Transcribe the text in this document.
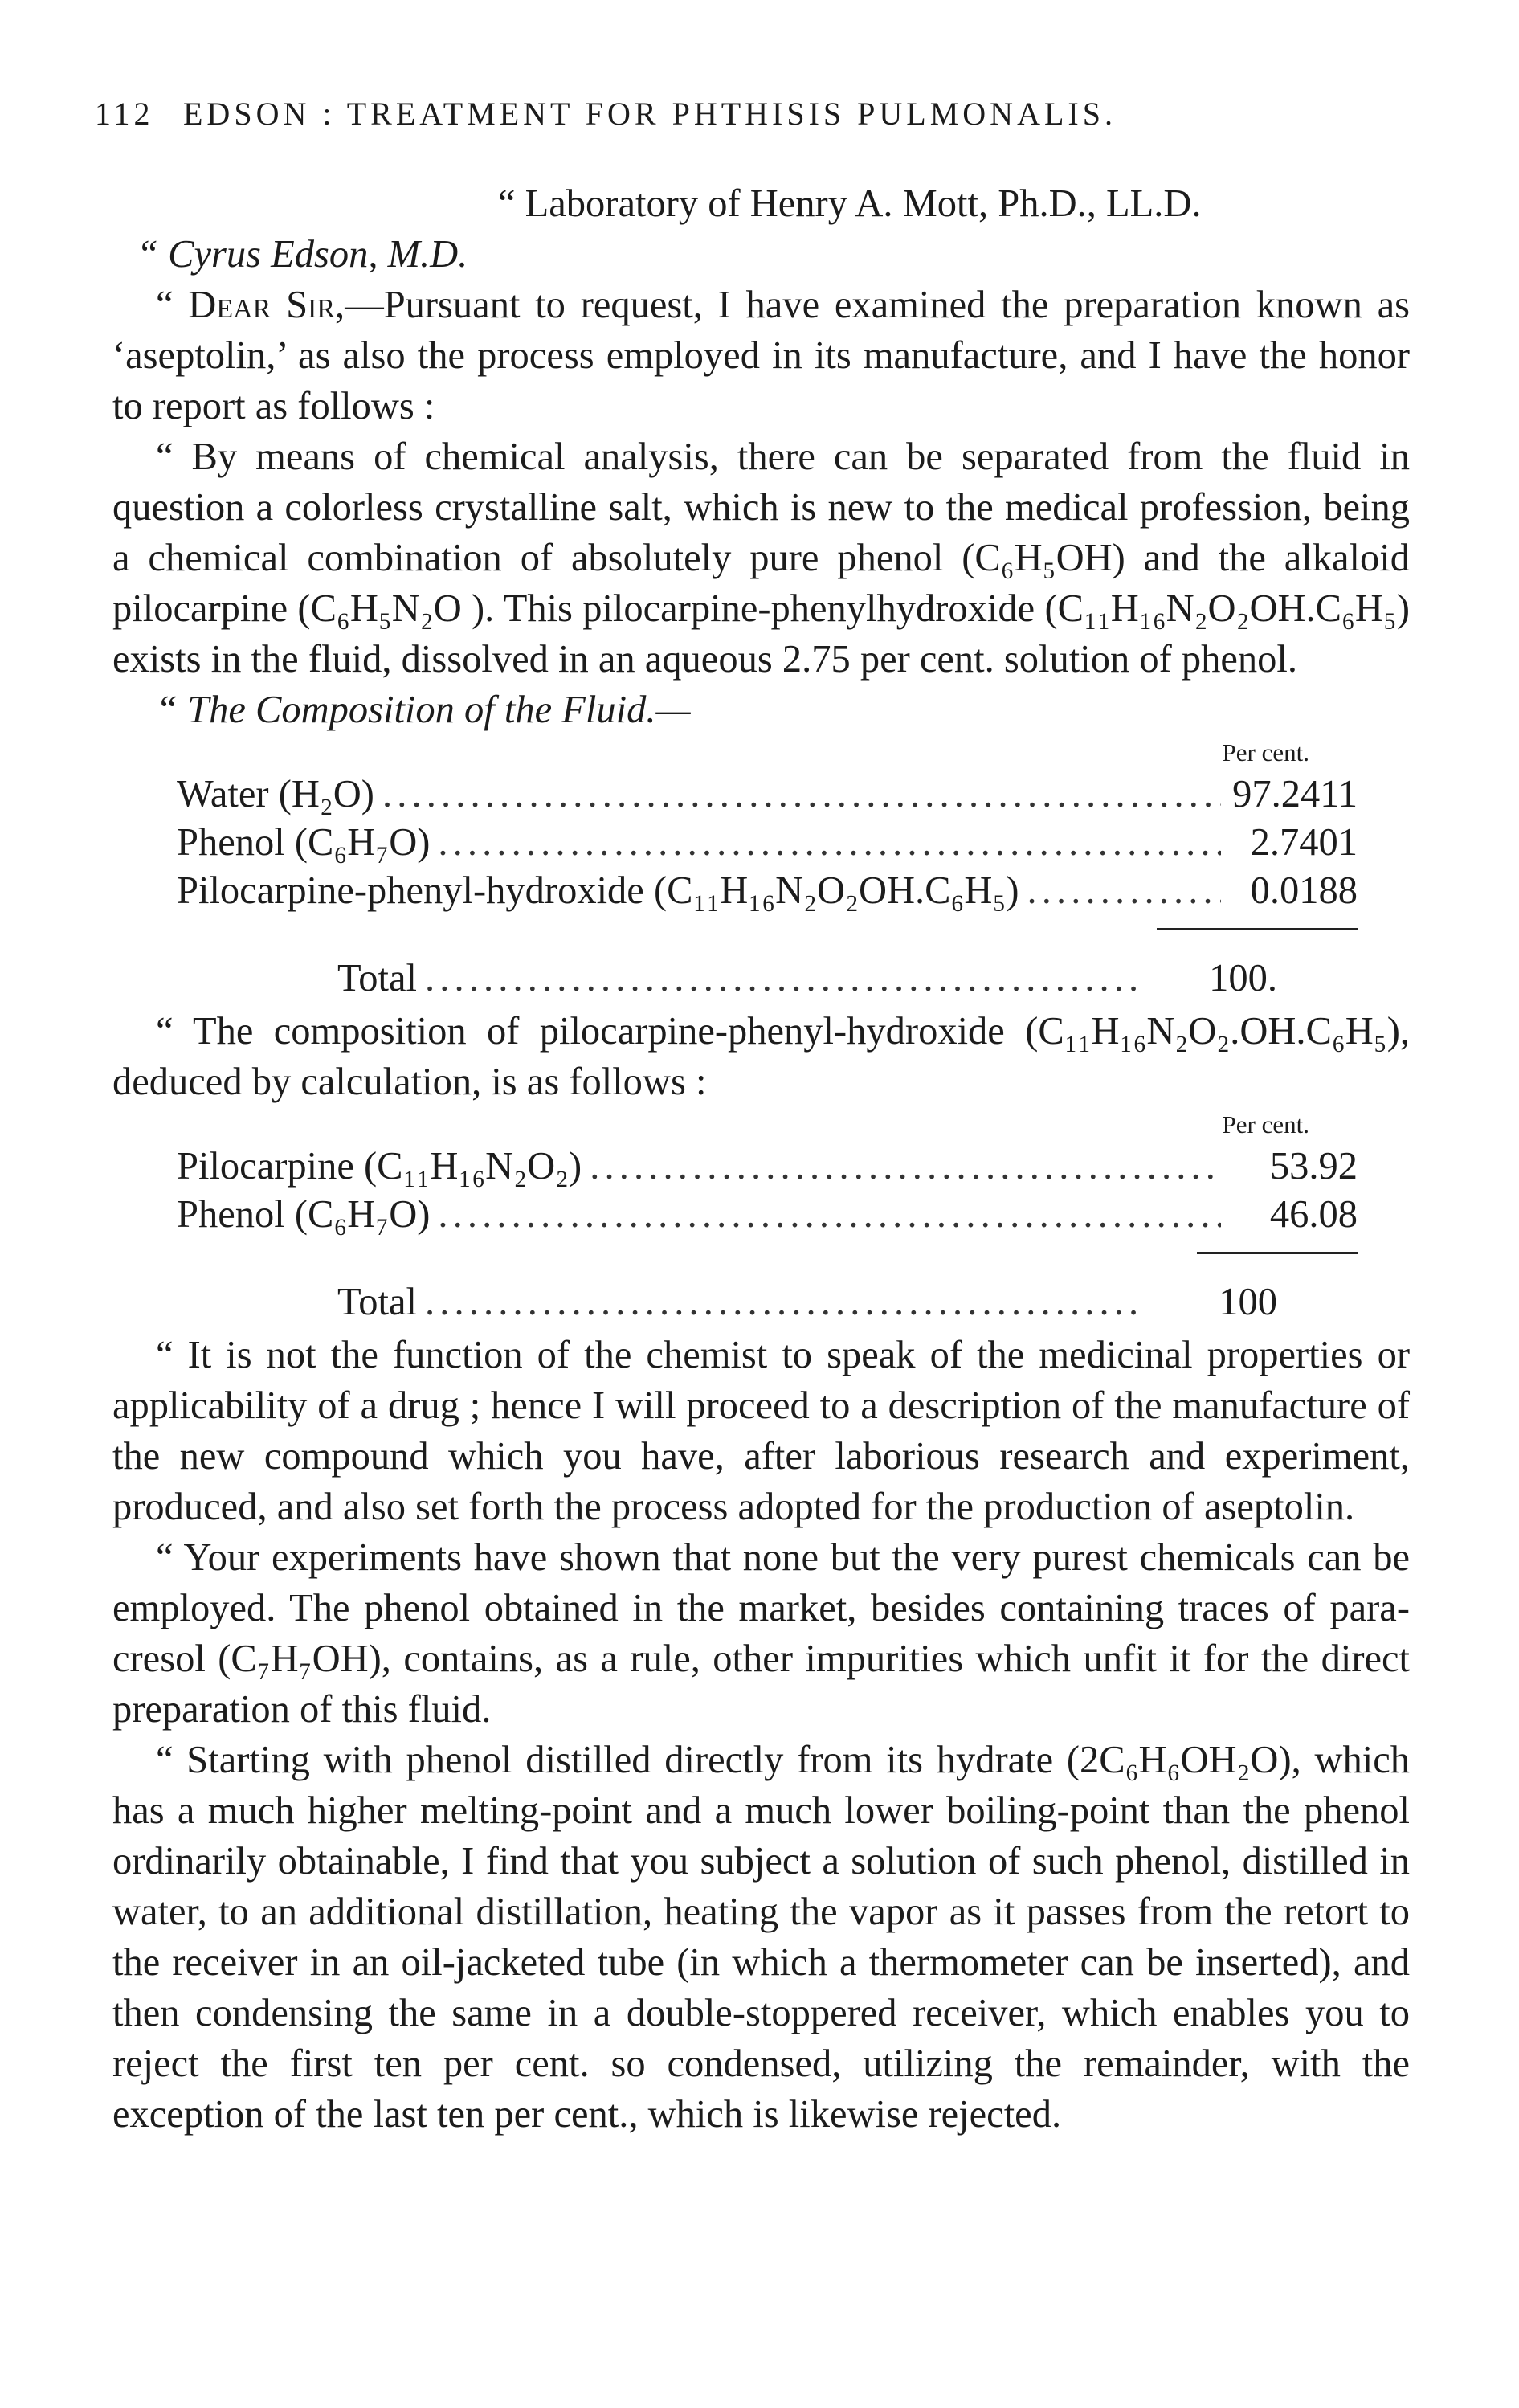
112 EDSON : TREATMENT FOR PHTHISIS PULMONALIS.

“ Laboratory of Henry A. Mott, Ph.D., LL.D.

“ Cyrus Edson, M.D.

“ Dear Sir,—Pursuant to request, I have examined the preparation known as ‘aseptolin,’ as also the process employed in its manufacture, and I have the honor to report as follows :

“ By means of chemical analysis, there can be separated from the fluid in question a colorless crystalline salt, which is new to the medical profession, being a chemical combination of absolutely pure phenol (C₆H₅OH) and the alkaloid pilocarpine (C₆H₅N₂O ). This pilocarpine-phenylhydroxide (C₁₁H₁₆N₂O₂OH.C₆H₅) exists in the fluid, dissolved in an aqueous 2.75 per cent. solution of phenol.

“ The Composition of the Fluid.—

Per cent.
Water (H₂O) . . .	97.2411
Phenol (C₆H₇O) . . .	2.7401
Pilocarpine-phenyl-hydroxide (C₁₁H₁₆N₂O₂OH.C₆H₅) . . .	0.0188
Total . . .	100.

“ The composition of pilocarpine-phenyl-hydroxide (C₁₁H₁₆N₂O₂.OH.C₆H₅), deduced by calculation, is as follows :

Per cent.
Pilocarpine (C₁₁H₁₆N₂O₂) . . .	53.92
Phenol (C₆H₇O) . . .	46.08
Total . . .	100

“ It is not the function of the chemist to speak of the medicinal properties or applicability of a drug ; hence I will proceed to a description of the manufacture of the new compound which you have, after laborious research and experiment, produced, and also set forth the process adopted for the production of aseptolin.

“ Your experiments have shown that none but the very purest chemicals can be employed. The phenol obtained in the market, besides containing traces of para-cresol (C₇H₇OH), contains, as a rule, other impurities which unfit it for the direct preparation of this fluid.

“ Starting with phenol distilled directly from its hydrate (2C₆H₆OH₂O), which has a much higher melting-point and a much lower boiling-point than the phenol ordinarily obtainable, I find that you subject a solution of such phenol, distilled in water, to an additional distillation, heating the vapor as it passes from the retort to the receiver in an oil-jacketed tube (in which a thermometer can be inserted), and then condensing the same in a double-stoppered receiver, which enables you to reject the first ten per cent. so condensed, utilizing the remainder, with the exception of the last ten per cent., which is likewise rejected.
